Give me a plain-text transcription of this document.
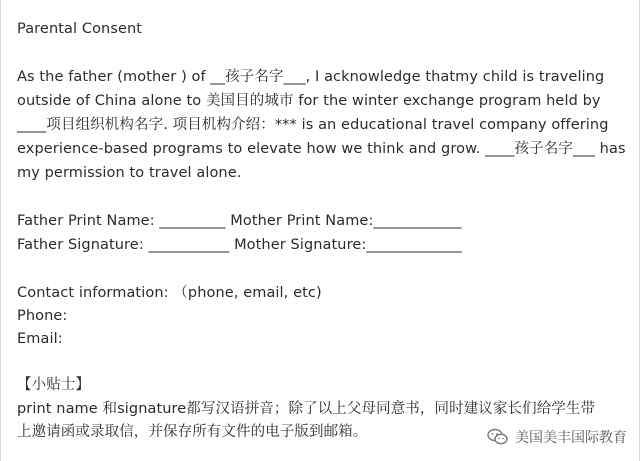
Parental Consent
As the father (mother ) of __孩子名字___, I acknowledge thatmy child is traveling
outside of China alone to 美国目的城市 for the winter exchange program held by
____项目组织机构名字. 项目机构介绍：*** is an educational travel company offering
experience-based programs to elevate how we think and grow. ____孩子名字___ has
my permission to travel alone.
Father Print Name: _________ Mother Print Name:____________
Father Signature: ___________ Mother Signature:_____________
Contact information: （phone, email, etc)
Phone:
Email:
【小贴士】
print name 和signature都写汉语拼音；除了以上父母同意书，同时建议家长们给学生带
上邀请函或录取信，并保存所有文件的电子版到邮箱。	美国美丰国际教育
